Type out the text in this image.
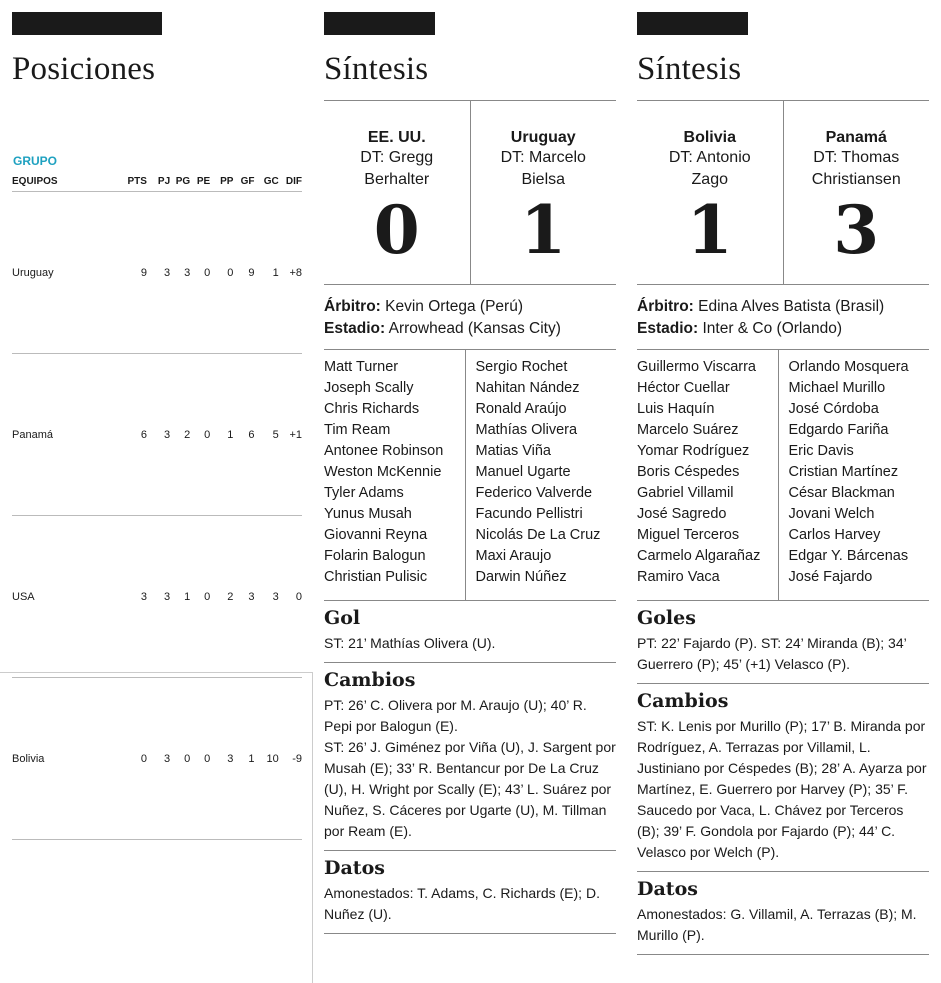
Posiciones
GRUPO
EQUIPOS	PTS	PJ	PG	PE	PP	GF	GC	DIF
Uruguay	9	3	3	0	0	9	1	+8
Panamá	6	3	2	0	1	6	5	+1
USA	3	3	1	0	2	3	3	0
Bolivia	0	3	0	0	3	1	10	-9
Síntesis
EE. UU.
DT: Gregg
Berhalter
0
Uruguay
DT: Marcelo
Bielsa
1
Árbitro: Kevin Ortega (Perú)
Estadio: Arrowhead (Kansas City)
Matt Turner
Joseph Scally
Chris Richards
Tim Ream
Antonee Robinson
Weston McKennie
Tyler Adams
Yunus Musah
Giovanni Reyna
Folarin Balogun
Christian Pulisic
Sergio Rochet
Nahitan Nández
Ronald Araújo
Mathías Olivera
Matias Viña
Manuel Ugarte
Federico Valverde
Facundo Pellistri
Nicolás De La Cruz
Maxi Araujo
Darwin Núñez
Gol
ST: 21’ Mathías Olivera (U).
Cambios
PT: 26’ C. Olivera por M. Araujo (U); 40’ R. Pepi por Balogun (E).
ST: 26’ J. Giménez por Viña (U), J. Sargent por Musah (E); 33’ R. Bentancur por De La Cruz (U), H. Wright por Scally (E); 43’ L. Suárez por Nuñez, S. Cáceres por Ugarte (U), M. Tillman por Ream (E).
Datos
Amonestados: T. Adams, C. Richards (E); D. Nuñez (U).
Síntesis
Bolivia
DT: Antonio
Zago
1
Panamá
DT: Thomas
Christiansen
3
Árbitro: Edina Alves Batista (Brasil)
Estadio: Inter & Co (Orlando)
Guillermo Viscarra
Héctor Cuellar
Luis Haquín
Marcelo Suárez
Yomar Rodríguez
Boris Céspedes
Gabriel Villamil
José Sagredo
Miguel Terceros
Carmelo Algarañaz
Ramiro Vaca
Orlando Mosquera
Michael Murillo
José Córdoba
Edgardo Fariña
Eric Davis
Cristian Martínez
César Blackman
Jovani Welch
Carlos Harvey
Edgar Y. Bárcenas
José Fajardo
Goles
PT: 22’ Fajardo (P). ST: 24’ Miranda (B); 34’ Guerrero (P); 45’ (+1) Velasco (P).
Cambios
ST: K. Lenis por Murillo (P); 17’ B. Miranda por Rodríguez, A. Terrazas por Villamil, L. Justiniano por Céspedes (B); 28’ A. Ayarza por Martínez, E. Guerrero por Harvey (P); 35’ F. Saucedo por Vaca, L. Chávez por Terceros (B); 39’ F. Gondola por Fajardo (P); 44’ C. Velasco por Welch (P).
Datos
Amonestados: G. Villamil, A. Terrazas (B); M. Murillo (P).
